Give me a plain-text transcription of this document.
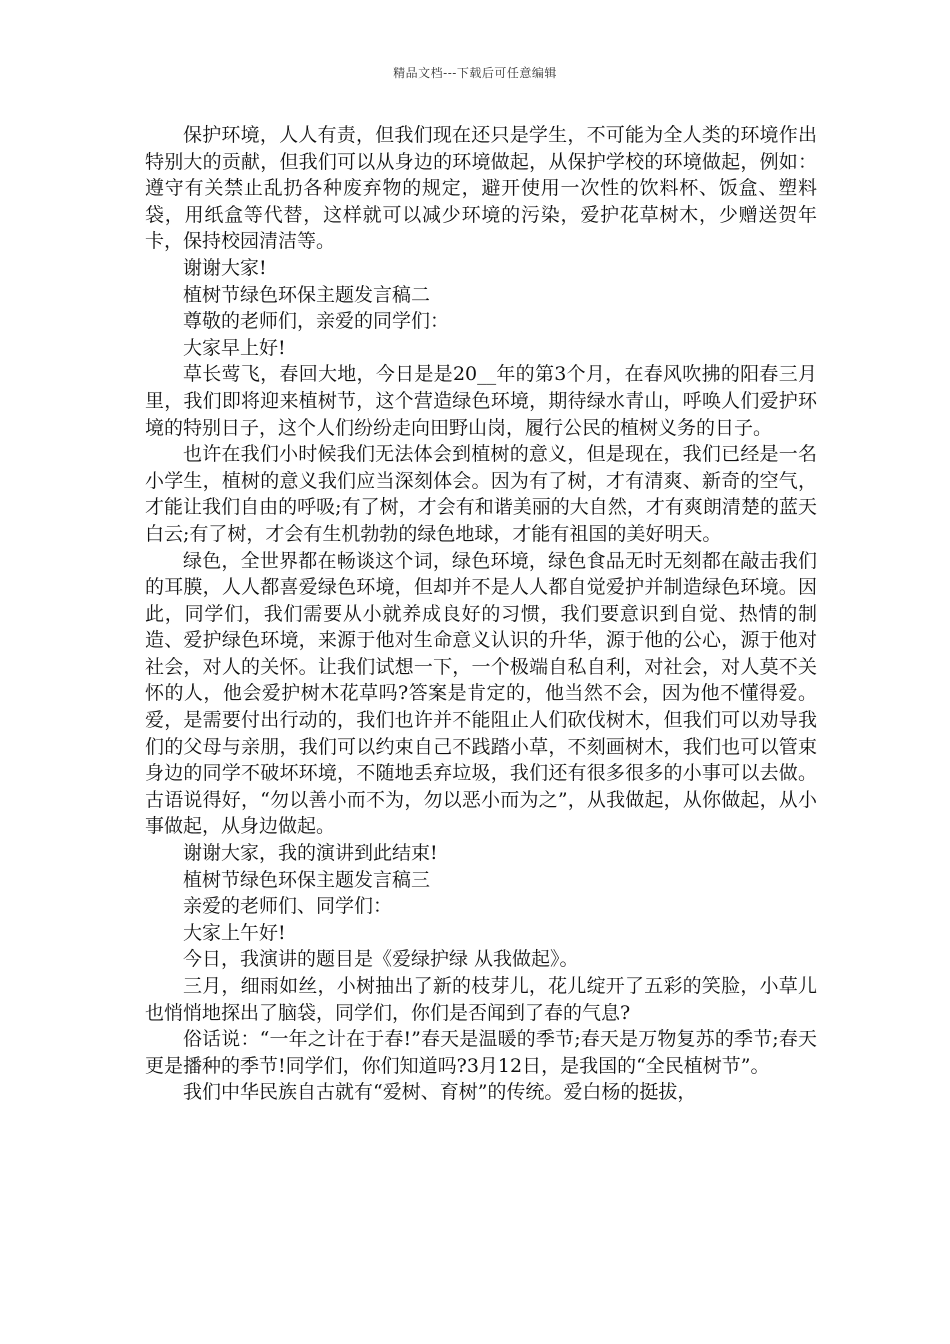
精品文档---下载后可任意编辑

保护环境，人人有责，但我们现在还只是学生，不可能为全人类的环境作出特别大的贡献，但我们可以从身边的环境做起，从保护学校的环境做起，例如：遵守有关禁止乱扔各种废弃物的规定，避开使用一次性的饮料杯、饭盒、塑料袋，用纸盒等代替，这样就可以减少环境的污染，爱护花草树木，少赠送贺年卡，保持校园清洁等。

谢谢大家!

植树节绿色环保主题发言稿二

尊敬的老师们，亲爱的同学们：

大家早上好!

草长莺飞，春回大地，今日是是20__年的第3个月，在春风吹拂的阳春三月里，我们即将迎来植树节，这个营造绿色环境，期待绿水青山，呼唤人们爱护环境的特别日子，这个人们纷纷走向田野山岗，履行公民的植树义务的日子。

也许在我们小时候我们无法体会到植树的意义，但是现在，我们已经是一名小学生，植树的意义我们应当深刻体会。因为有了树，才有清爽、新奇的空气，才能让我们自由的呼吸;有了树，才会有和谐美丽的大自然，才有爽朗清楚的蓝天白云;有了树，才会有生机勃勃的绿色地球，才能有祖国的美好明天。

绿色，全世界都在畅谈这个词，绿色环境，绿色食品无时无刻都在敲击我们的耳膜，人人都喜爱绿色环境，但却并不是人人都自觉爱护并制造绿色环境。因此，同学们，我们需要从小就养成良好的习惯，我们要意识到自觉、热情的制造、爱护绿色环境，来源于他对生命意义认识的升华，源于他的公心，源于他对社会，对人的关怀。让我们试想一下，一个极端自私自利，对社会，对人莫不关怀的人，他会爱护树木花草吗?答案是肯定的，他当然不会，因为他不懂得爱。爱，是需要付出行动的，我们也许并不能阻止人们砍伐树木，但我们可以劝导我们的父母与亲朋，我们可以约束自己不践踏小草，不刻画树木，我们也可以管束身边的同学不破坏环境，不随地丢弃垃圾，我们还有很多很多的小事可以去做。古语说得好，“勿以善小而不为，勿以恶小而为之”，从我做起，从你做起，从小事做起，从身边做起。

谢谢大家，我的演讲到此结束!

植树节绿色环保主题发言稿三

亲爱的老师们、同学们：

大家上午好!

今日，我演讲的题目是《爱绿护绿 从我做起》。

三月，细雨如丝，小树抽出了新的枝芽儿，花儿绽开了五彩的笑脸，小草儿也悄悄地探出了脑袋，同学们，你们是否闻到了春的气息?

俗话说：“一年之计在于春!”春天是温暖的季节;春天是万物复苏的季节;春天更是播种的季节!同学们，你们知道吗?3月12日，是我国的“全民植树节”。

我们中华民族自古就有“爱树、育树”的传统。爱白杨的挺拔，
